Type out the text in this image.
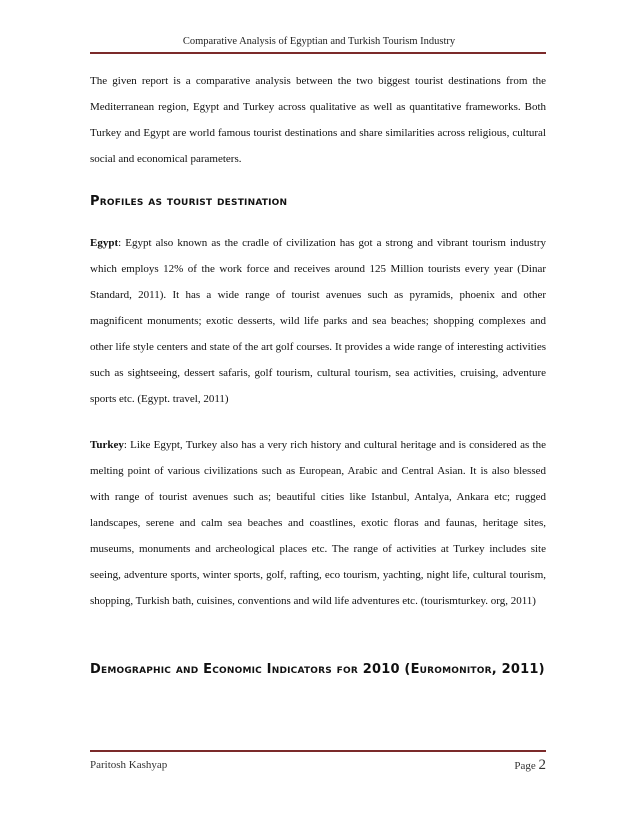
Comparative Analysis of Egyptian and Turkish Tourism Industry

The given report is a comparative analysis between the two biggest tourist destinations from the Mediterranean region, Egypt and Turkey across qualitative as well as quantitative frameworks. Both Turkey and Egypt are world famous tourist destinations and share similarities across religious, cultural social and economical parameters.

Profiles as tourist destination

Egypt: Egypt also known as the cradle of civilization has got a strong and vibrant tourism industry which employs 12% of the work force and receives around 125 Million tourists every year (Dinar Standard, 2011). It has a wide range of tourist avenues such as pyramids, phoenix and other magnificent monuments; exotic desserts, wild life parks and sea beaches; shopping complexes and other life style centers and state of the art golf courses. It provides a wide range of interesting activities such as sightseeing, dessert safaris, golf tourism, cultural tourism, sea activities, cruising, adventure sports etc. (Egypt. travel, 2011)

Turkey: Like Egypt, Turkey also has a very rich history and cultural heritage and is considered as the melting point of various civilizations such as European, Arabic and Central Asian. It is also blessed with range of tourist avenues such as; beautiful cities like Istanbul, Antalya, Ankara etc; rugged landscapes, serene and calm sea beaches and coastlines, exotic floras and faunas, heritage sites, museums, monuments and archeological places etc. The range of activities at Turkey includes site seeing, adventure sports, winter sports, golf, rafting, eco tourism, yachting, night life, cultural tourism, shopping, Turkish bath, cuisines, conventions and wild life adventures etc. (tourismturkey. org, 2011)

Demographic and Economic Indicators for 2010 (Euromonitor, 2011)
Paritosh Kashyap	Page 2
